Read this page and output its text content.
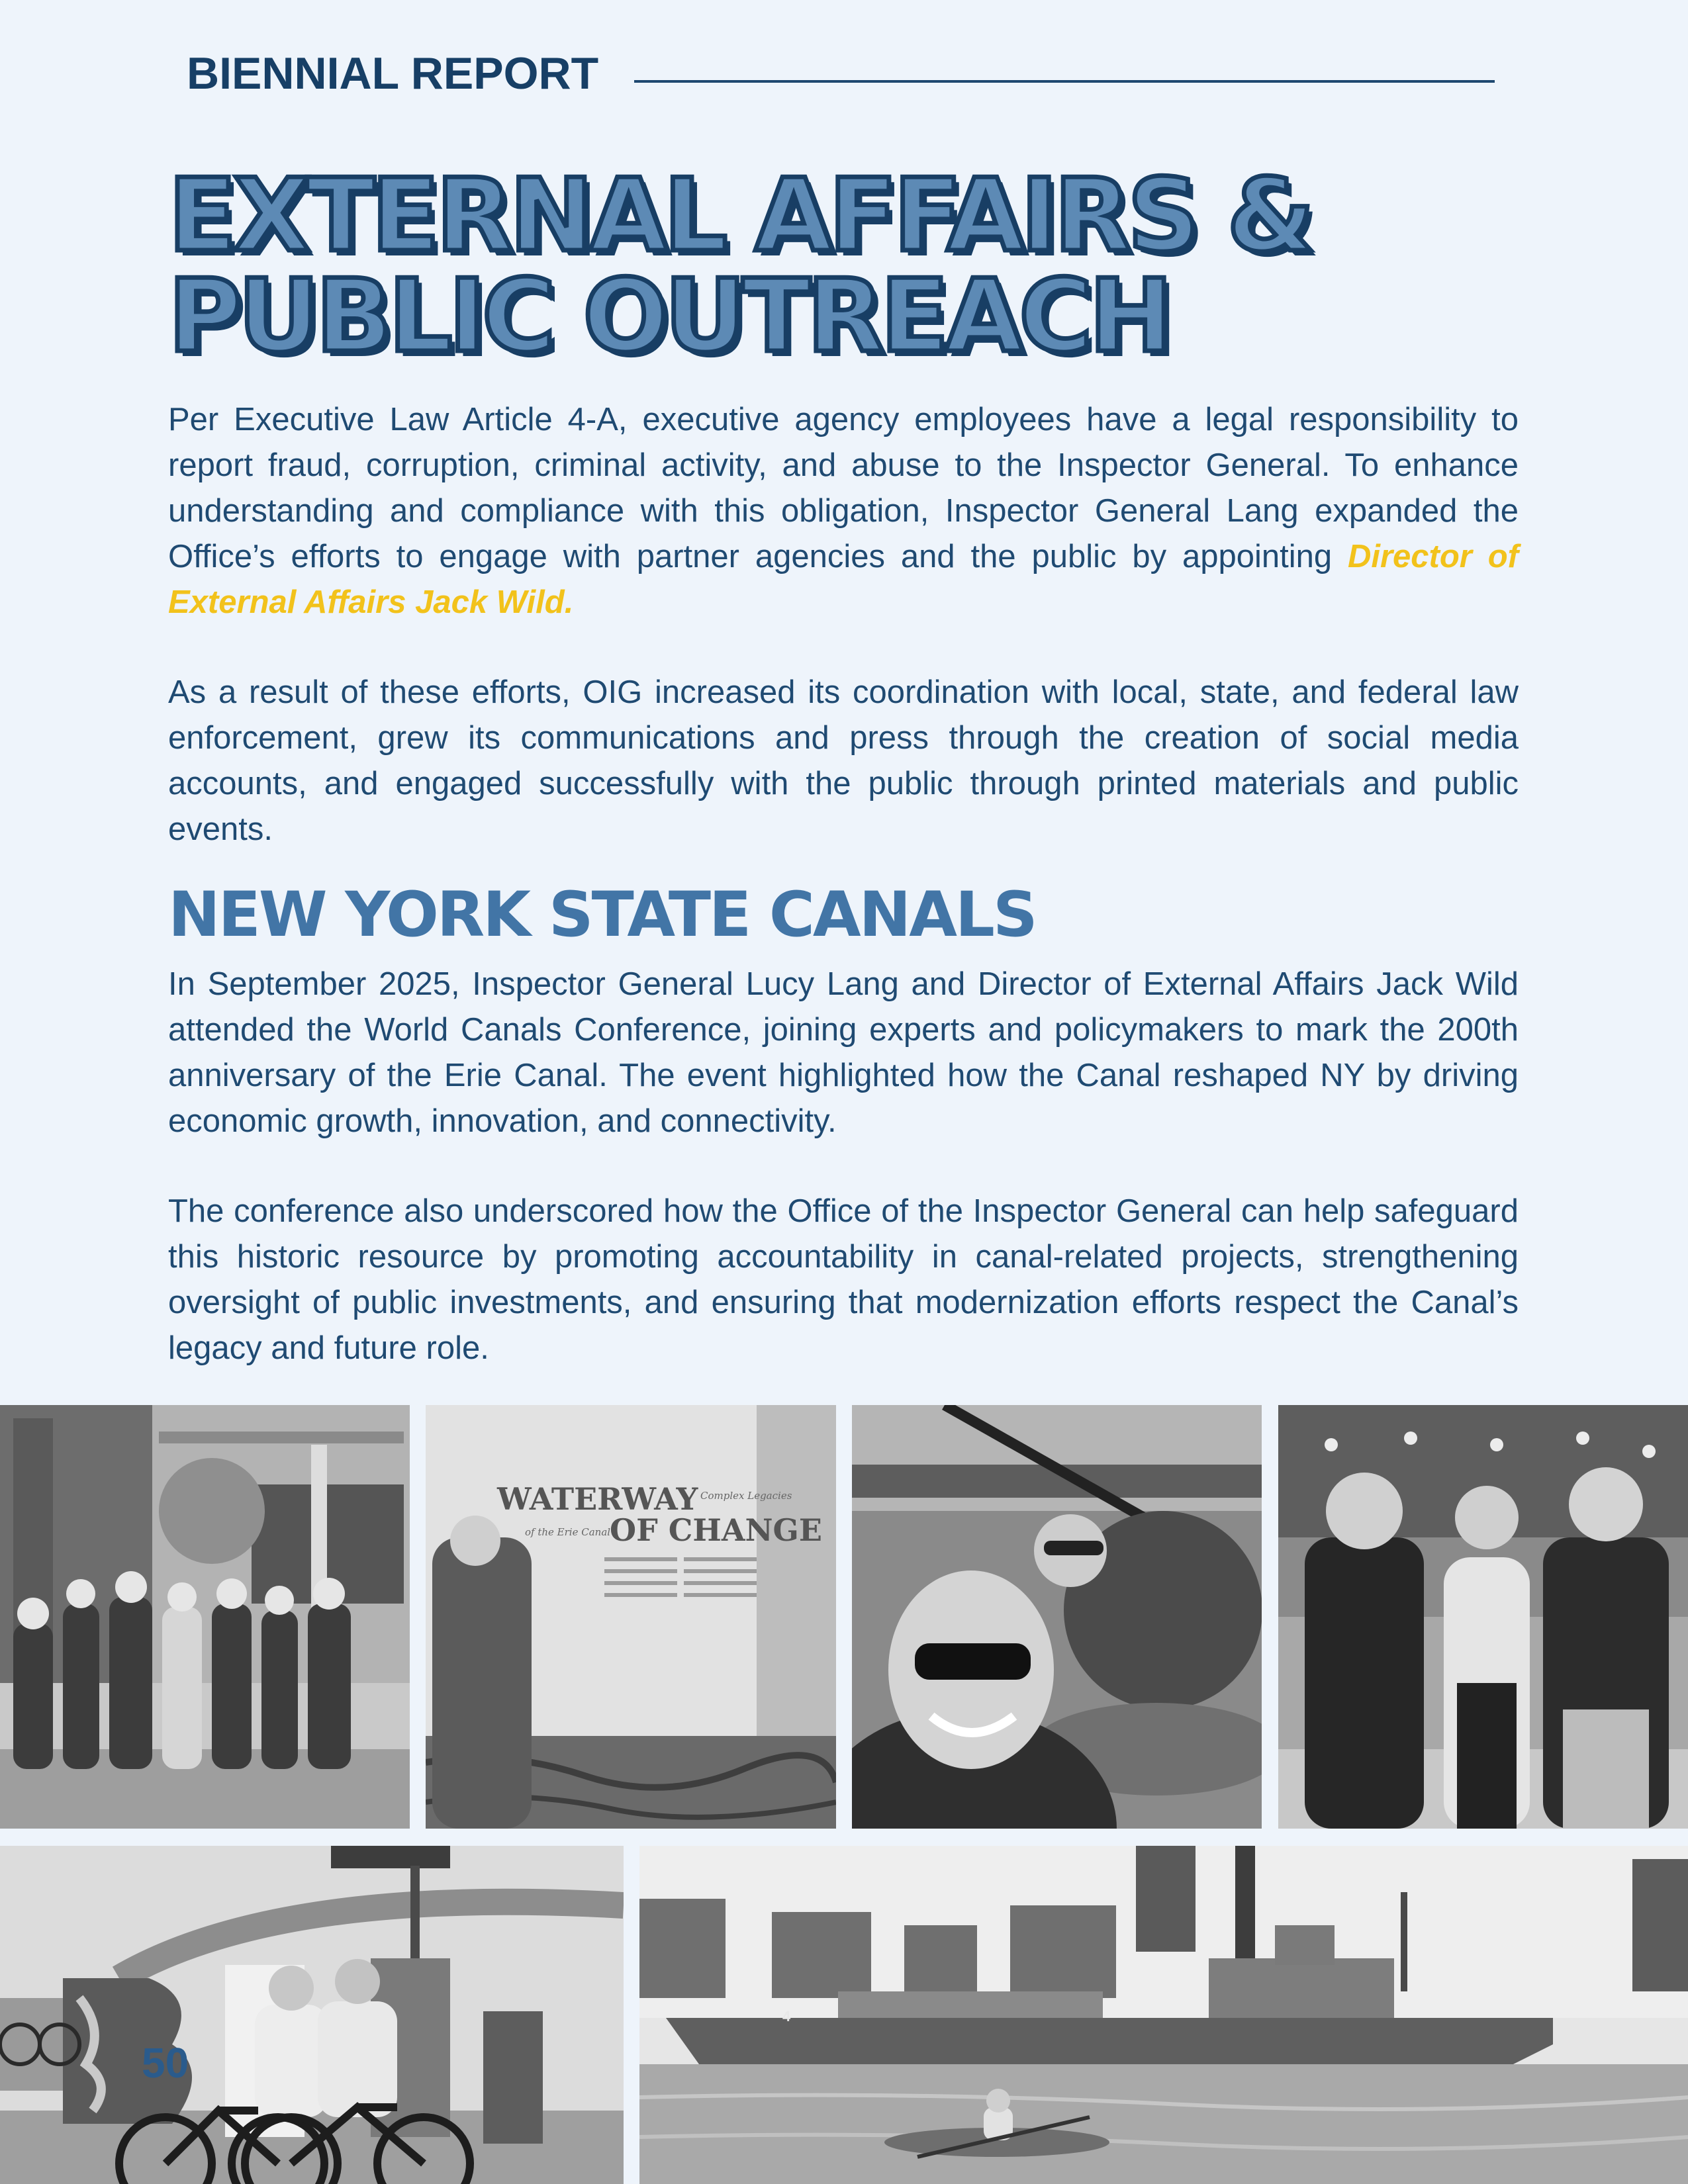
BIENNIAL REPORT
EXTERNAL AFFAIRS &
PUBLIC OUTREACH

Per Executive Law Article 4-A, executive agency employees have a legal responsibility to report fraud, corruption, criminal activity, and abuse to the Inspector General. To enhance understanding and compliance with this obligation, Inspector General Lang expanded the Office’s efforts to engage with partner agencies and the public by appointing Director of External Affairs Jack Wild.

As a result of these efforts, OIG increased its coordination with local, state, and federal law enforcement, grew its communications and press through the creation of social media accounts, and engaged successfully with the public through printed materials and public events.

NEW YORK STATE CANALS

In September 2025, Inspector General Lucy Lang and Director of External Affairs Jack Wild attended the World Canals Conference, joining experts and policymakers to mark the 200th anniversary of the Erie Canal. The event highlighted how the Canal reshaped NY by driving economic growth, innovation, and connectivity.

The conference also underscored how the Office of the Inspector General can help safeguard this historic resource by promoting accountability in canal-related projects, strengthening oversight of public investments, and ensuring that modernization efforts respect the Canal’s legacy and future role.

WATERWAY
OF CHANGE
Complex Legacies
of the Erie Canal
4
50
